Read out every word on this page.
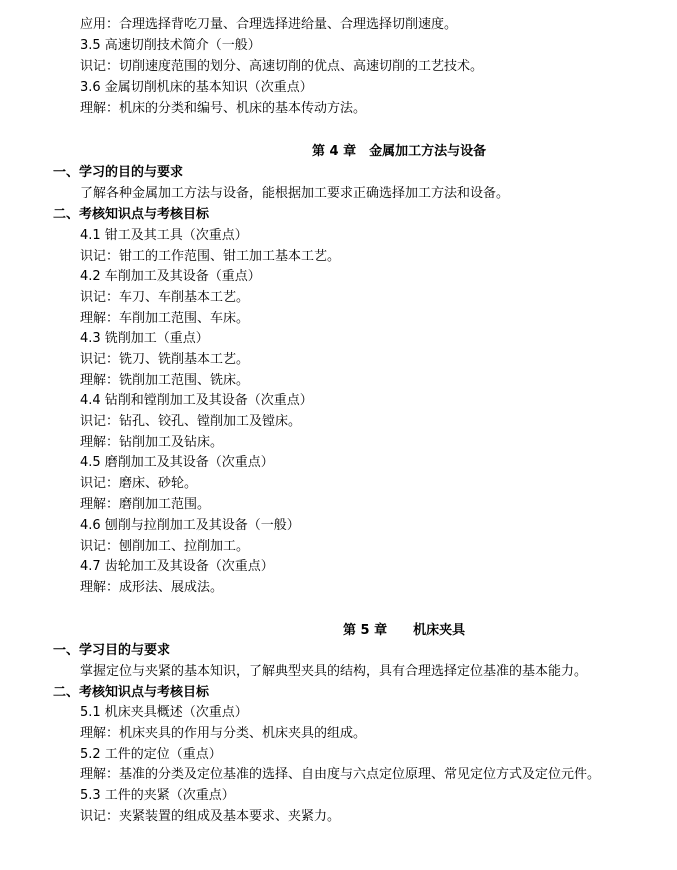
应用：合理选择背吃刀量、合理选择进给量、合理选择切削速度。
3.5 高速切削技术简介（一般）
识记：切削速度范围的划分、高速切削的优点、高速切削的工艺技术。
3.6 金属切削机床的基本知识（次重点）
理解：机床的分类和编号、机床的基本传动方法。
第 4 章　金属加工方法与设备
一、学习的目的与要求
了解各种金属加工方法与设备，能根据加工要求正确选择加工方法和设备。
二、考核知识点与考核目标
4.1 钳工及其工具（次重点）
识记：钳工的工作范围、钳工加工基本工艺。
4.2 车削加工及其设备（重点）
识记：车刀、车削基本工艺。
理解：车削加工范围、车床。
4.3 铣削加工（重点）
识记：铣刀、铣削基本工艺。
理解：铣削加工范围、铣床。
4.4 钻削和镗削加工及其设备（次重点）
识记：钻孔、铰孔、镗削加工及镗床。
理解：钻削加工及钻床。
4.5 磨削加工及其设备（次重点）
识记：磨床、砂轮。
理解：磨削加工范围。
4.6 刨削与拉削加工及其设备（一般）
识记：刨削加工、拉削加工。
4.7 齿轮加工及其设备（次重点）
理解：成形法、展成法。
第 5 章　　机床夹具
一、学习目的与要求
掌握定位与夹紧的基本知识，了解典型夹具的结构，具有合理选择定位基准的基本能力。
二、考核知识点与考核目标
5.1 机床夹具概述（次重点）
理解：机床夹具的作用与分类、机床夹具的组成。
5.2 工件的定位（重点）
理解：基准的分类及定位基准的选择、自由度与六点定位原理、常见定位方式及定位元件。
5.3 工件的夹紧（次重点）
识记：夹紧装置的组成及基本要求、夹紧力。
